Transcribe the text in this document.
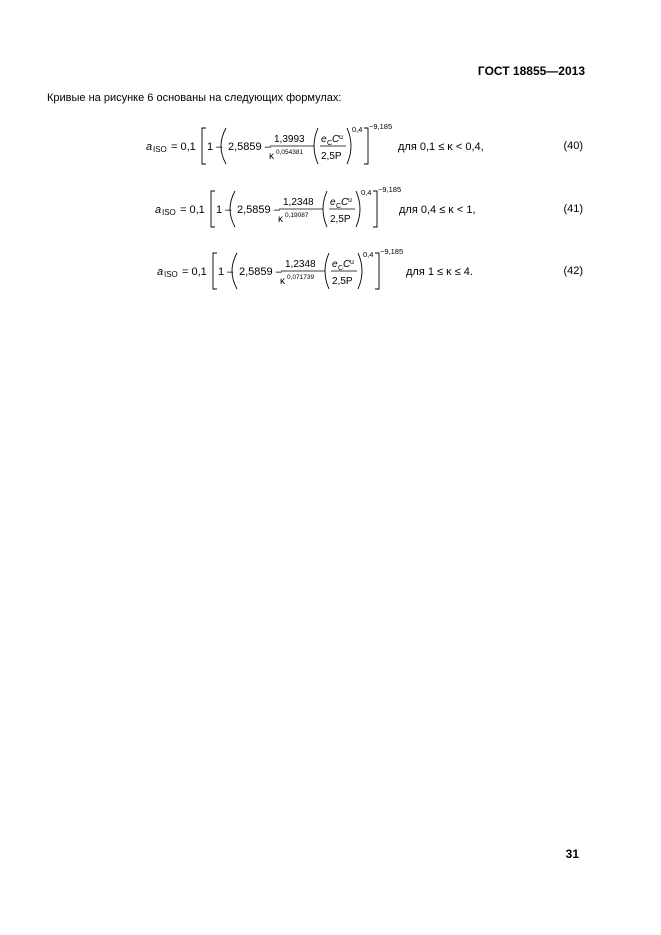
ГОСТ 18855—2013
Кривые на рисунке 6 основаны на следующих формулах:
a ISO = 0,1 1 – 2,5859 –
1,3993
κ 0,054381
e C C u
2,5P
0,4 −9,185
для 0,1 ≤ κ < 0,4,	(40)
a ISO = 0,1 1 – 2,5859 –
1,2348
κ 0,19087
e C C u
2,5P
0,4 −9,185
для 0,4 ≤ κ < 1,	(41)
a ISO = 0,1 1 – 2,5859 –
1,2348
κ 0,071739
e C C u
2,5P
0,4 −9,185
для 1 ≤ κ ≤ 4.	(42)
31
